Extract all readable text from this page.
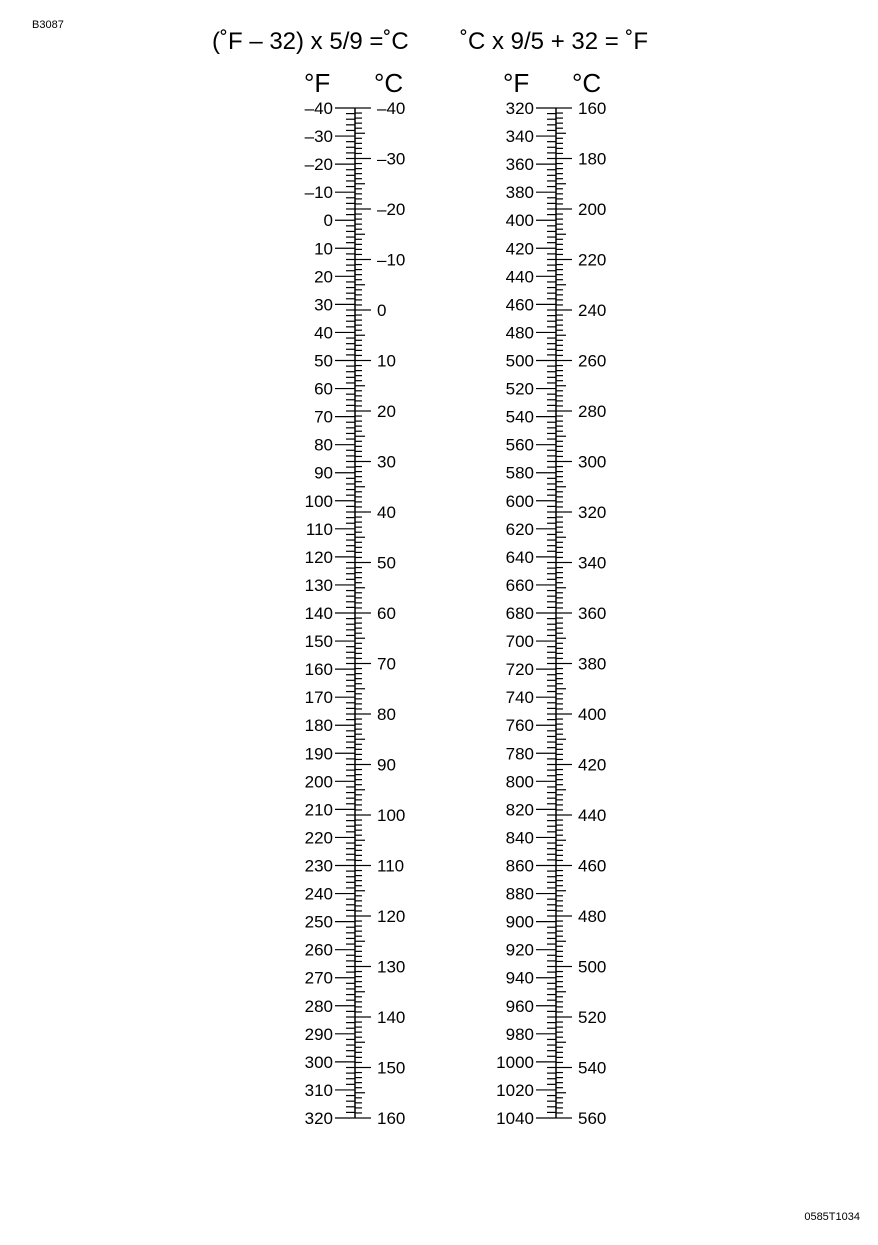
B3087
(˚F – 32) x 5/9 =˚C ˚C x 9/5 + 32 = ˚F
°F °C	°F °C
–40
–30
–20
–10
0
10
20
30
40
50
60
70
80
90
100
110
120
130
140
150
160
170
180
190
200
210
220
230
240
250
260
270
280
290
300
310
320
–40
–30
–20
–10
0
10
20
30
40
50
60
70
80
90
100
110
120
130
140
150
160
320
340
360
380
400
420
440
460
480
500
520
540
560
580
600
620
640
660
680
700
720
740
760
780
800
820
840
860
880
900
920
940
960
980
1000
1020
1040
160
180
200
220
240
260
280
300
320
340
360
380
400
420
440
460
480
500
520
540
560
0585T1034
